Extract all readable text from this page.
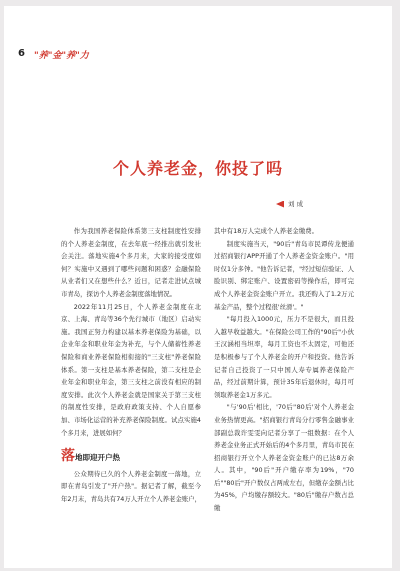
6 "养"金"养"力
个人养老金，你投了吗
刘 成

作为我国养老保险体系第三支柱制度性安排的个人养老金制度，在去年底一经推出就引发社会关注。落地实施4个多月来，大家的接受度如何？实施中又遇到了哪些问题和困惑？金融保险从业者们又在想些什么？近日，记者走进试点城市青岛，探访个人养老金制度落地情况。

2022年11月25日，个人养老金制度在北京、上海、青岛等36个先行城市（地区）启动实施。我国正努力构建以基本养老保险为基础，以企业年金和职业年金为补充，与个人储蓄性养老保险和商业养老保险相衔接的"三支柱"养老保险体系。第一支柱是基本养老保险，第二支柱是企业年金和职业年金，第三支柱之前没有相应的制度安排。此次个人养老金就是国家关于第三支柱的制度性安排，是政府政策支持、个人自愿参加、市场化运营的补充养老保险制度。试点实施4个多月来，进展如何？

落地即迎开户热

公众期待已久的个人养老金制度一落地，立即在青岛引发了"开户热"。据记者了解，截至今年2月末，青岛共有74万人开立个人养老金账户，

其中有18万人完成个人养老金缴费。

制度实施当天，"90后"青岛市民谭传龙便通过招商银行APP开通了个人养老金资金账户。"用时仅1分多钟。"他告诉记者，"经过短信验证、人脸识别、绑定账户、设置密码等操作后，即可完成个人养老金资金账户开立。我还购入了1.2万元基金产品，整个过程很'丝滑'。"

"每月投入1000元，压力不是很大，而且投入越早收益越大。"在保险公司工作的"90后"小伙王汉涵相当坦率，每月工资也不太固定，可他还是积极参与了个人养老金的开户和投资。他告诉记者自己投资了一只中国人寿专属养老保险产品，经过前期计算，预计35年后退休时，每月可领取养老金1万多元。

"与'90后'相比，'70后''80后'对个人养老金业务热情更高。"招商银行青岛分行零售金融事业部副总裁许雯雯向记者分享了一组数据：在个人养老金业务正式开始后的4个多月里，青岛市民在招商银行开立个人养老金资金账户的已达8万余人。其中，"90后"开户缴存率为19%，"70后""80后"开户数仅占两成左右，但缴存金额占比为45%，户均缴存额较大。"80后"缴存户数占总缴
